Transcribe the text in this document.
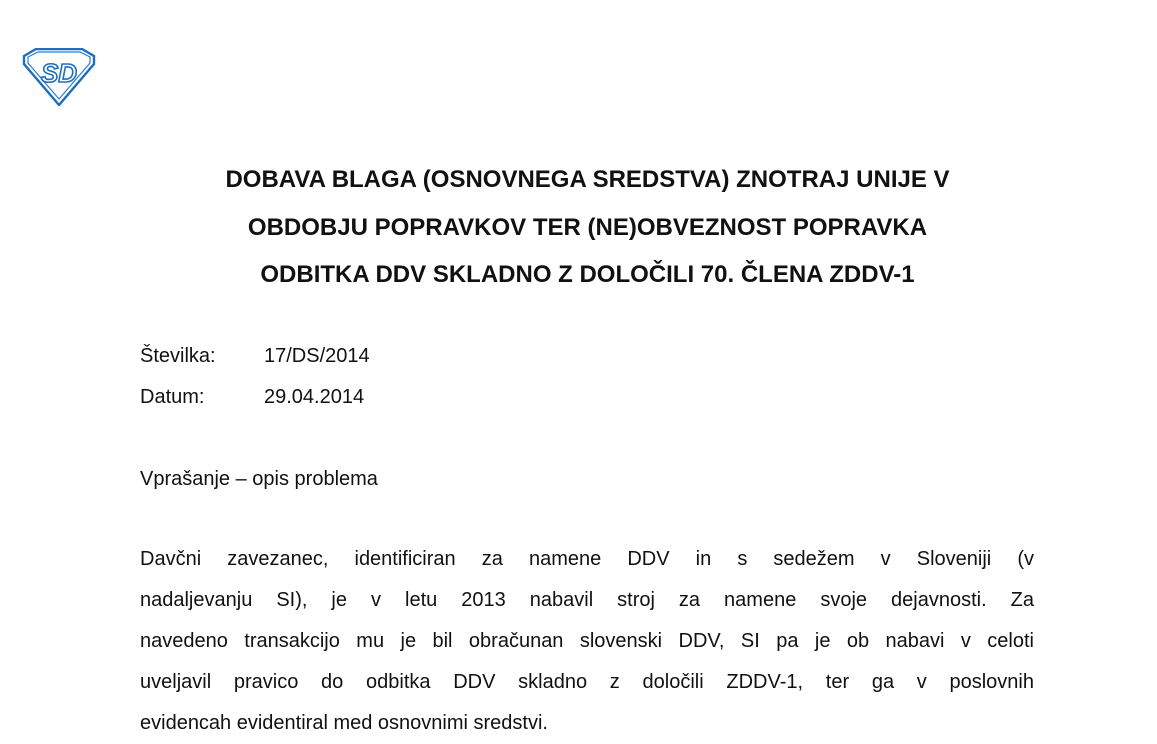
SD
DOBAVA BLAGA (OSNOVNEGA SREDSTVA) ZNOTRAJ UNIJE V
OBDOBJU POPRAVKOV TER (NE)OBVEZNOST POPRAVKA
ODBITKA DDV SKLADNO Z DOLOČILI 70. ČLENA ZDDV-1
Številka: 17/DS/2014
Datum:	29.04.2014
Vprašanje – opis problema

Davčni zavezanec, identificiran za namene DDV in s sedežem v Sloveniji (v
nadaljevanju SI), je v letu 2013 nabavil stroj za namene svoje dejavnosti. Za
navedeno transakcijo mu je bil obračunan slovenski DDV, SI pa je ob nabavi v celoti
uveljavil pravico do odbitka DDV skladno z določili ZDDV-1, ter ga v poslovnih
evidencah evidentiral med osnovnimi sredstvi.
